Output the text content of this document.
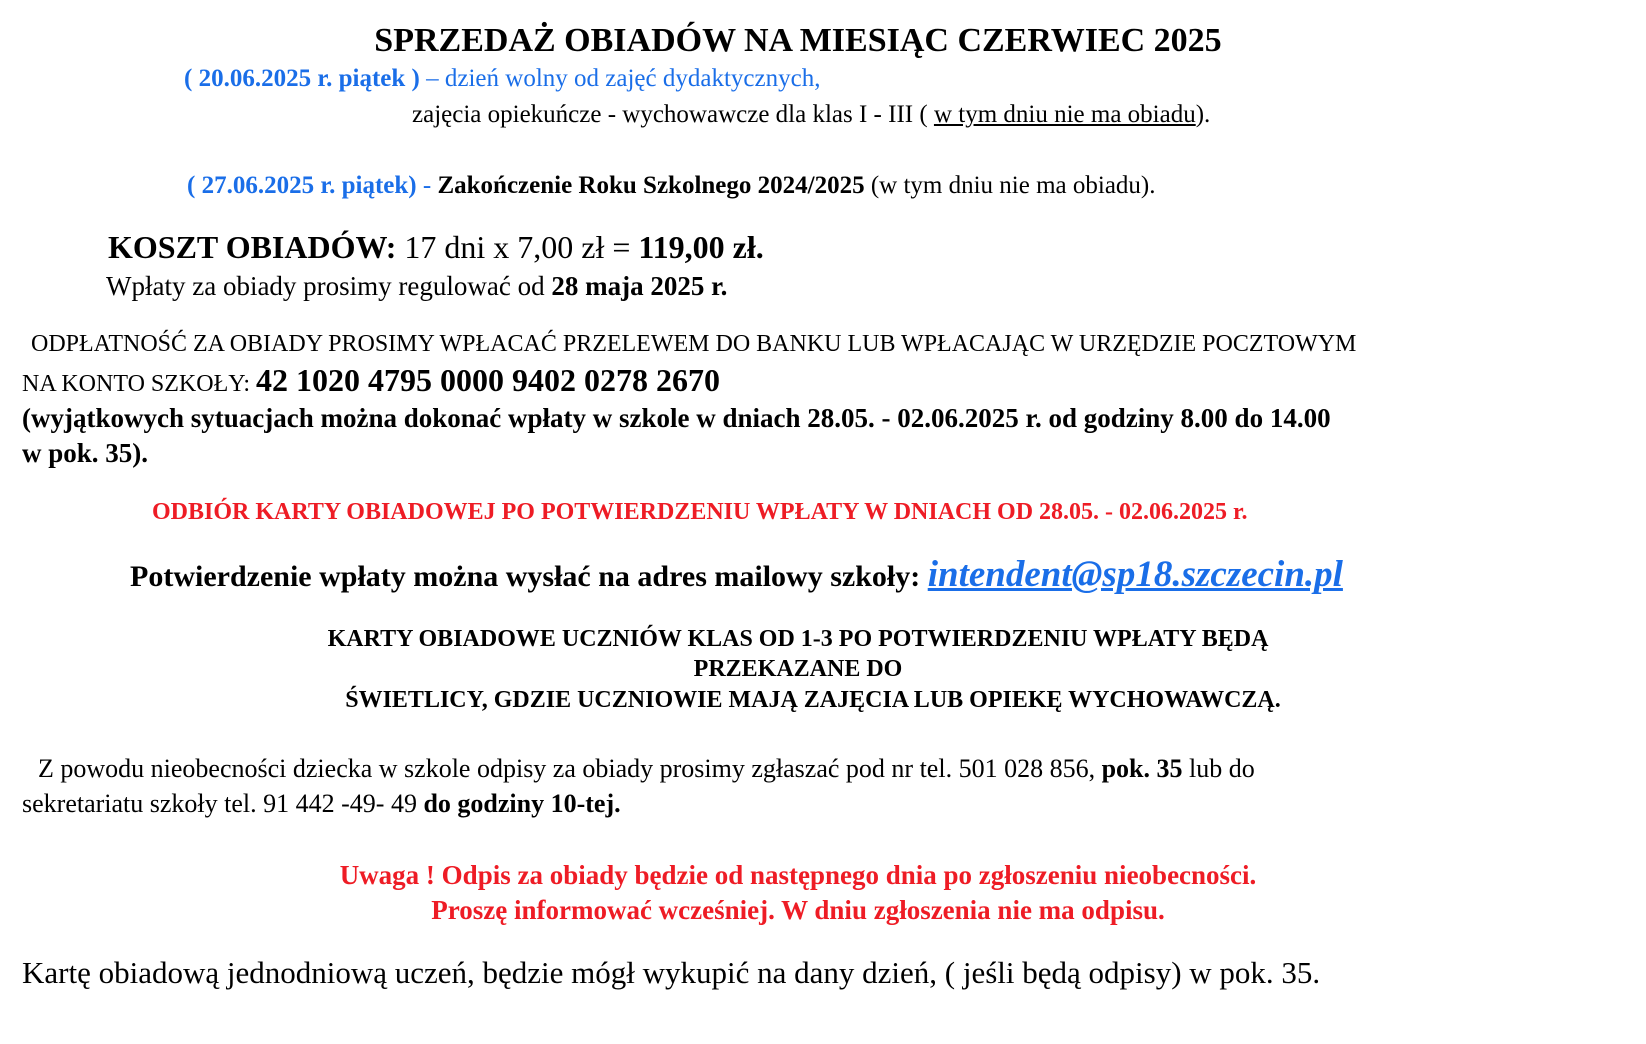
SPRZEDAŻ OBIADÓW NA MIESIĄC CZERWIEC 2025
( 20.06.2025 r. piątek ) – dzień wolny od zajęć dydaktycznych,
zajęcia opiekuńcze - wychowawcze dla klas I - III ( w tym dniu nie ma obiadu).
( 27.06.2025 r. piątek) - Zakończenie Roku Szkolnego 2024/2025 (w tym dniu nie ma obiadu).
KOSZT OBIADÓW: 17 dni x 7,00 zł = 119,00 zł.
Wpłaty za obiady prosimy regulować od 28 maja 2025 r.
ODPŁATNOŚĆ ZA OBIADY PROSIMY WPŁACAĆ PRZELEWEM DO BANKU LUB WPŁACAJĄC W URZĘDZIE POCZTOWYM
NA KONTO SZKOŁY: 42 1020 4795 0000 9402 0278 2670
(wyjątkowych sytuacjach można dokonać wpłaty w szkole w dniach 28.05. - 02.06.2025 r. od godziny 8.00 do 14.00
w pok. 35).
ODBIÓR KARTY OBIADOWEJ PO POTWIERDZENIU WPŁATY W DNIACH OD 28.05. - 02.06.2025 r.
Potwierdzenie wpłaty można wysłać na adres mailowy szkoły: intendent@sp18.szczecin.pl
KARTY OBIADOWE UCZNIÓW KLAS OD 1-3 PO POTWIERDZENIU WPŁATY BĘDĄ
PRZEKAZANE DO
ŚWIETLICY, GDZIE UCZNIOWIE MAJĄ ZAJĘCIA LUB OPIEKĘ WYCHOWAWCZĄ.
Z powodu nieobecności dziecka w szkole odpisy za obiady prosimy zgłaszać pod nr tel. 501 028 856, pok. 35 lub do
sekretariatu szkoły tel. 91 442 -49- 49 do godziny 10-tej.
Uwaga ! Odpis za obiady będzie od następnego dnia po zgłoszeniu nieobecności.
Proszę informować wcześniej. W dniu zgłoszenia nie ma odpisu.
Kartę obiadową jednodniową uczeń, będzie mógł wykupić na dany dzień, ( jeśli będą odpisy) w pok. 35.
